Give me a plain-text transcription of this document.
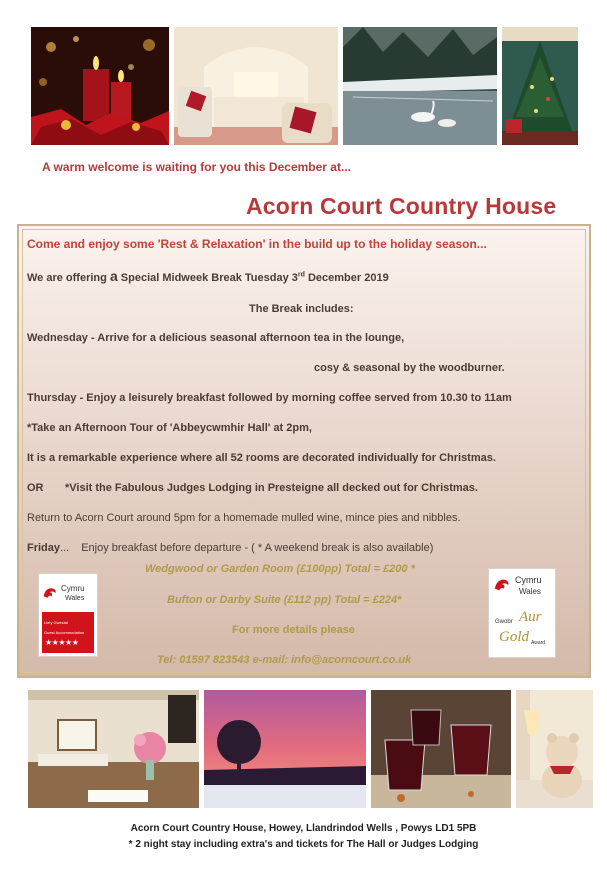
A warm welcome is waiting for you this December at...
Acorn Court Country House
Come and enjoy some 'Rest & Relaxation' in the build up to the holiday season...
We are offering a Special Midweek Break Tuesday 3rd December 2019
The Break includes:
Wednesday - Arrive for a delicious seasonal afternoon tea in the lounge,
cosy & seasonal by the woodburner.
Thursday - Enjoy a leisurely breakfast followed by morning coffee served from 10.30 to 11am
*Take an Afternoon Tour of 'Abbeycwmhir Hall' at 2pm,
It is a remarkable experience where all 52 rooms are decorated individually for Christmas.
OR *Visit the Fabulous Judges Lodging in Presteigne all decked out for Christmas.
Return to Acorn Court around 5pm for a homemade mulled wine, mince pies and nibbles.
Friday... Enjoy breakfast before departure - ( * A weekend break is also available)
Wedgwood or Garden Room (£100pp) Total = £200 *
Bufton or Darby Suite (£112 pp) Total = £224*
For more details please
Tel: 01597 823543 e-mail: info@acorncourt.co.uk
Cymru
Wales
Llety Gwestai
Guest Accommodation
★★★★★
Cymru
Wales
Gwobr Aur
Gold Award
Acorn Court Country House, Howey, Llandrindod Wells , Powys LD1 5PB
* 2 night stay including extra's and tickets for The Hall or Judges Lodging
